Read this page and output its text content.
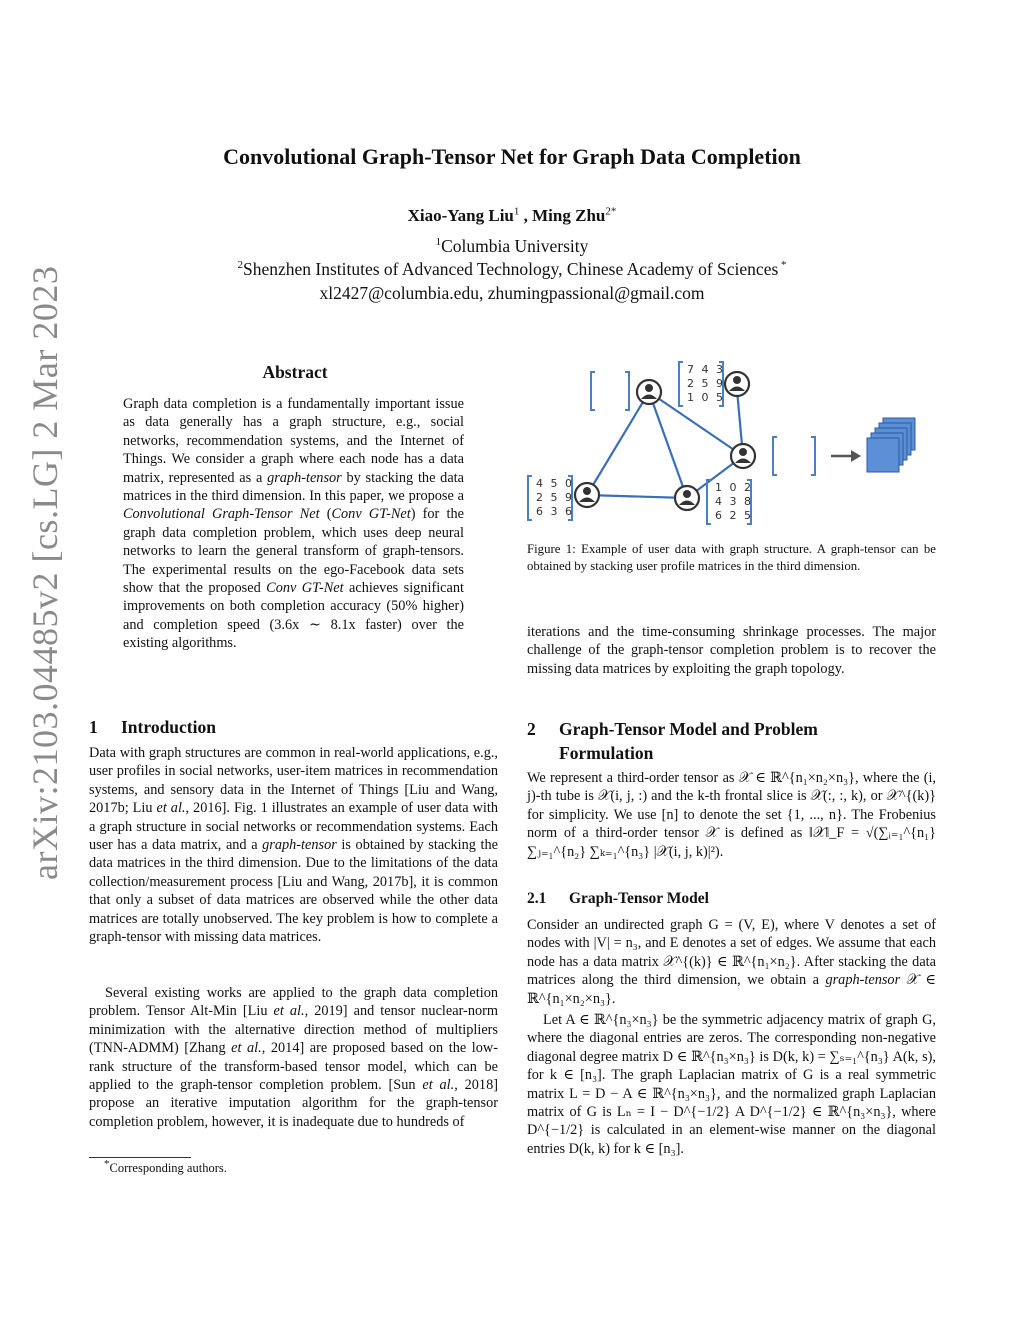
arXiv:2103.04485v2 [cs.LG] 2 Mar 2023
Convolutional Graph-Tensor Net for Graph Data Completion
Xiao-Yang Liu$^1$ , Ming Zhu$^{2*}$
$^1$Columbia University
$^2$Shenzhen Institutes of Advanced Technology, Chinese Academy of Sciences *
xl2427@columbia.edu, zhumingpassional@gmail.com
Abstract
Graph data completion is a fundamentally important issue as data generally has a graph structure, e.g., social networks, recommendation systems, and the Internet of Things. We consider a graph where each node has a data matrix, represented as a graph-tensor by stacking the data matrices in the third dimension. In this paper, we propose a Convolutional Graph-Tensor Net (Conv GT-Net) for the graph data completion problem, which uses deep neural networks to learn the general transform of graph-tensors. The experimental results on the ego-Facebook data sets show that the proposed Conv GT-Net achieves significant improvements on both completion accuracy (50% higher) and completion speed (3.6x ∼ 8.1x faster) over the existing algorithms.
1 Introduction
Data with graph structures are common in real-world applications, e.g., user profiles in social networks, user-item matrices in recommendation systems, and sensory data in the Internet of Things [Liu and Wang, 2017b; Liu et al., 2016]. Fig. 1 illustrates an example of user data with a graph structure in social networks or recommendation systems. Each user has a data matrix, and a graph-tensor is obtained by stacking the data matrices in the third dimension. Due to the limitations of the data collection/measurement process [Liu and Wang, 2017b], it is common that only a subset of data matrices are observed while the other data matrices are totally unobserved. The key problem is how to complete a graph-tensor with missing data matrices.
Several existing works are applied to the graph data completion problem. Tensor Alt-Min [Liu et al., 2019] and tensor nuclear-norm minimization with the alternative direction method of multipliers (TNN-ADMM) [Zhang et al., 2014] are proposed based on the low-rank structure of the transform-based tensor model, which can be applied to the graph-tensor completion problem. [Sun et al., 2018] propose an iterative imputation algorithm for the graph-tensor completion problem, however, it is inadequate due to hundreds of
*Corresponding authors.
7 4 3
2 5 9
1 0 5
4 5 0
2 5 9
6 3 6
1 0 2
4 3 8
6 2 5
Figure 1: Example of user data with graph structure. A graph-tensor can be obtained by stacking user profile matrices in the third dimension.
iterations and the time-consuming shrinkage processes. The major challenge of the graph-tensor completion problem is to recover the missing data matrices by exploiting the graph topology.
2 Graph-Tensor Model and Problem
Formulation
We represent a third-order tensor as 𝒳 ∈ ℝ^{n₁×n₂×n₃}, where the (i, j)-th tube is 𝒳(i, j, :) and the k-th frontal slice is 𝒳(:, :, k), or 𝒳^{(k)} for simplicity. We use [n] to denote the set {1, ..., n}. The Frobenius norm of a third-order tensor 𝒳 is defined as ‖𝒳‖_F = √(∑ᵢ₌₁^{n₁} ∑ⱼ₌₁^{n₂} ∑ₖ₌₁^{n₃} |𝒳(i, j, k)|²).
2.1 Graph-Tensor Model
Consider an undirected graph G = (V, E), where V denotes a set of nodes with |V| = n₃, and E denotes a set of edges. We assume that each node has a data matrix 𝒳^{(k)} ∈ ℝ^{n₁×n₂}. After stacking the data matrices along the third dimension, we obtain a graph-tensor 𝒳 ∈ ℝ^{n₁×n₂×n₃}.
Let A ∈ ℝ^{n₃×n₃} be the symmetric adjacency matrix of graph G, where the diagonal entries are zeros. The corresponding non-negative diagonal degree matrix D ∈ ℝ^{n₃×n₃} is D(k, k) = ∑ₛ₌₁^{n₃} A(k, s), for k ∈ [n₃]. The graph Laplacian matrix of G is a real symmetric matrix L = D − A ∈ ℝ^{n₃×n₃}, and the normalized graph Laplacian matrix of G is Lₙ = I − D^{−1/2} A D^{−1/2} ∈ ℝ^{n₃×n₃}, where D^{−1/2} is calculated in an element-wise manner on the diagonal entries D(k, k) for k ∈ [n₃].
